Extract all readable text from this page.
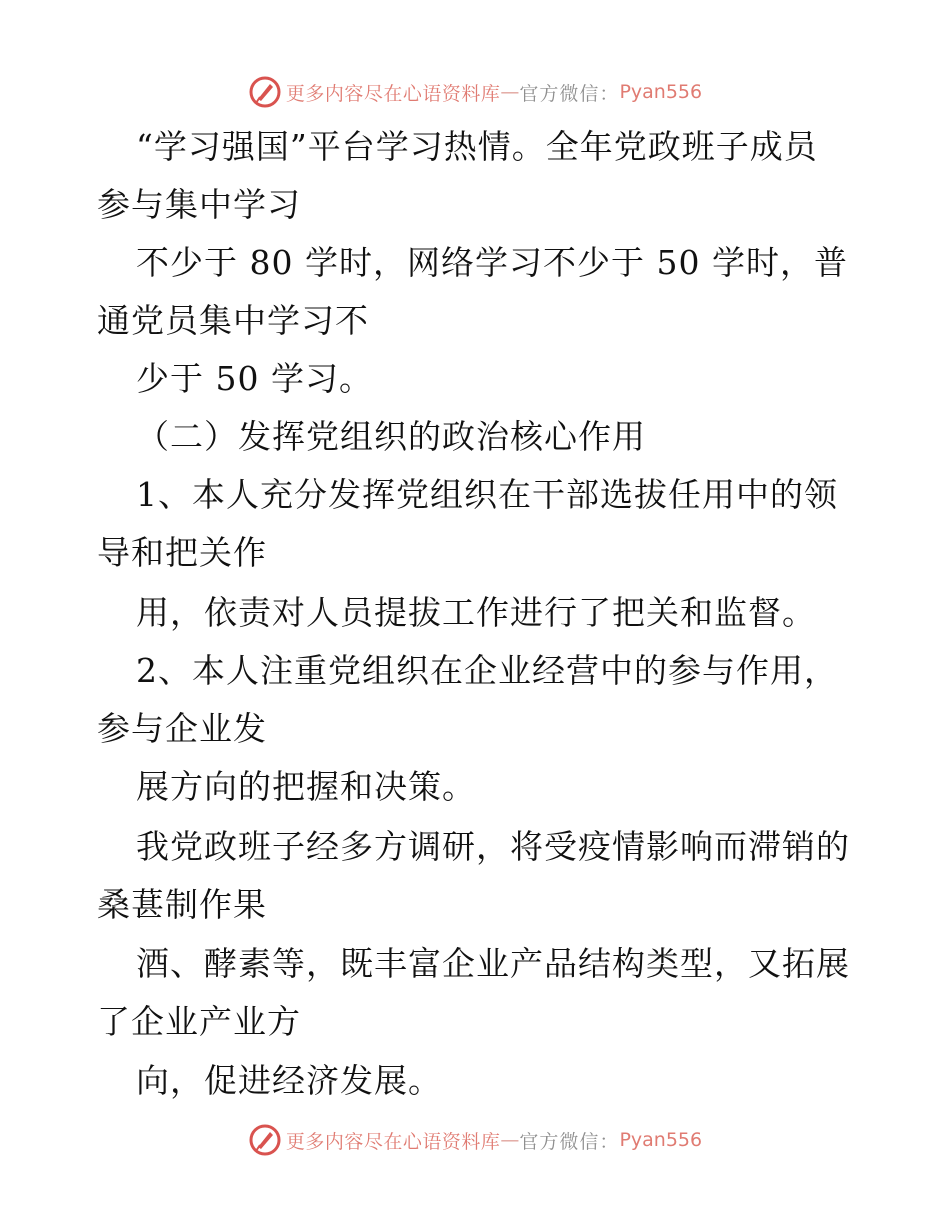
更多内容尽在心语资料库 — 官方微信： Pyan556
“学习强国”平台学习热情。全年党政班子成员
参与集中学习
不少于 80 学时，网络学习不少于 50 学时，普
通党员集中学习不
少于 50 学习。
（二）发挥党组织的政治核心作用
1、本人充分发挥党组织在干部选拔任用中的领
导和把关作
用，依责对人员提拔工作进行了把关和监督。
2、本人注重党组织在企业经营中的参与作用，
参与企业发
展方向的把握和决策。
我党政班子经多方调研，将受疫情影响而滞销的
桑葚制作果
酒、酵素等，既丰富企业产品结构类型，又拓展
了企业产业方
向，促进经济发展。
更多内容尽在心语资料库 — 官方微信： Pyan556
